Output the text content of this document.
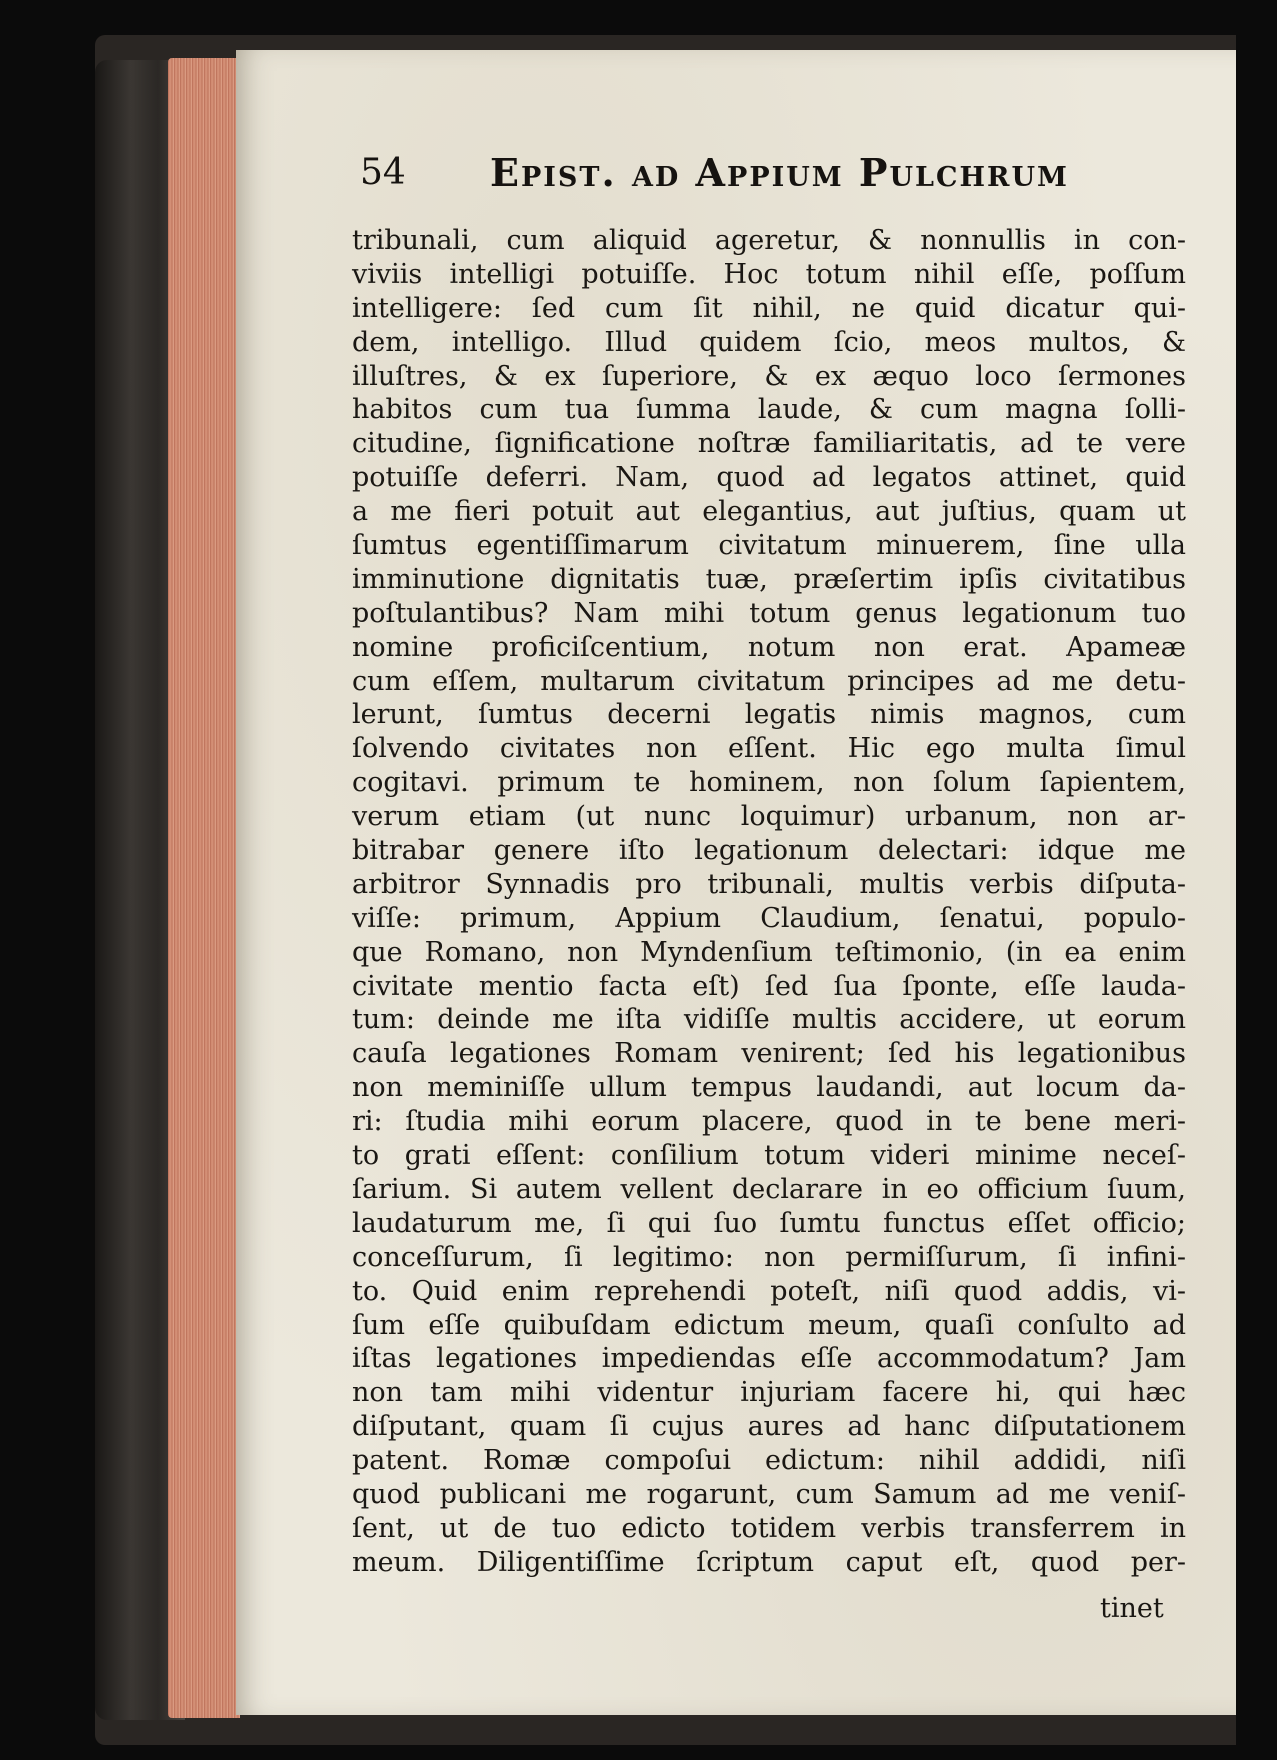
54 Epist. ad Appium Pulchrum
tribunali, cum aliquid ageretur, & nonnullis in con-
viviis intelligi potuiſſe. Hoc totum nihil eſſe, poſſum
intelligere: ſed cum ſit nihil, ne quid dicatur qui-
dem, intelligo. Illud quidem ſcio, meos multos, &
illuſtres, & ex ſuperiore, & ex æquo loco ſermones
habitos cum tua ſumma laude, & cum magna ſolli-
citudine, ſignificatione noſtræ familiaritatis, ad te vere
potuiſſe deferri. Nam, quod ad legatos attinet, quid
a me fieri potuit aut elegantius, aut juſtius, quam ut
ſumtus egentiſſimarum civitatum minuerem, ſine ulla
imminutione dignitatis tuæ, præſertim ipſis civitatibus
poſtulantibus? Nam mihi totum genus legationum tuo
nomine proficiſcentium, notum non erat. Apameæ
cum eſſem, multarum civitatum principes ad me detu-
lerunt, ſumtus decerni legatis nimis magnos, cum
ſolvendo civitates non eſſent. Hic ego multa ſimul
cogitavi. primum te hominem, non ſolum ſapientem,
verum etiam (ut nunc loquimur) urbanum, non ar-
bitrabar genere iſto legationum delectari: idque me
arbitror Synnadis pro tribunali, multis verbis diſputa-
viſſe: primum, Appium Claudium, ſenatui, populo-
que Romano, non Myndenſium teſtimonio, (in ea enim
civitate mentio facta eſt) ſed ſua ſponte, eſſe lauda-
tum: deinde me iſta vidiſſe multis accidere, ut eorum
cauſa legationes Romam venirent; ſed his legationibus
non meminiſſe ullum tempus laudandi, aut locum da-
ri: ſtudia mihi eorum placere, quod in te bene meri-
to grati eſſent: conſilium totum videri minime neceſ-
ſarium. Si autem vellent declarare in eo officium ſuum,
laudaturum me, ſi qui ſuo ſumtu functus eſſet officio;
conceſſurum, ſi legitimo: non permiſſurum, ſi infini-
to. Quid enim reprehendi poteſt, niſi quod addis, vi-
ſum eſſe quibuſdam edictum meum, quaſi conſulto ad
iſtas legationes impediendas eſſe accommodatum? Jam
non tam mihi videntur injuriam facere hi, qui hæc
diſputant, quam ſi cujus aures ad hanc diſputationem
patent. Romæ compoſui edictum: nihil addidi, niſi
quod publicani me rogarunt, cum Samum ad me veniſ-
ſent, ut de tuo edicto totidem verbis transferrem in
meum. Diligentiſſime ſcriptum caput eſt, quod per-
tinet
